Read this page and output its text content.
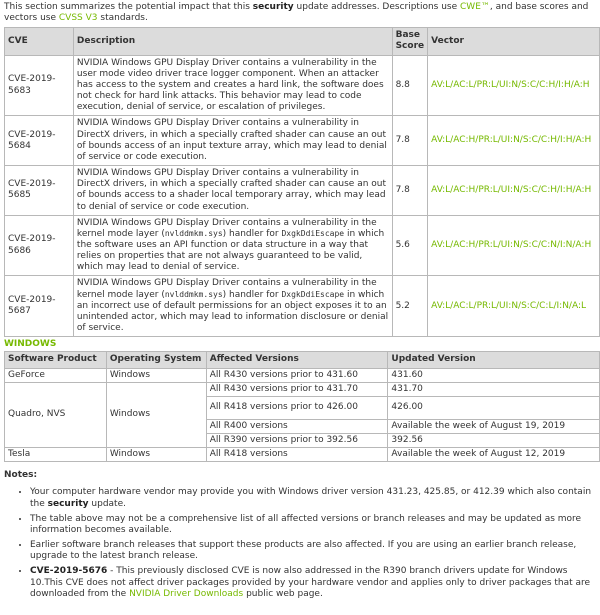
This section summarizes the potential impact that this security update addresses. Descriptions use CWE™, and base scores and vectors use CVSS V3 standards.

CVE	Description	Base Score	Vector
CVE-2019-5683	NVIDIA Windows GPU Display Driver contains a vulnerability in the user mode video driver trace logger component. When an attacker has access to the system and creates a hard link, the software does not check for hard link attacks. This behavior may lead to code execution, denial of service, or escalation of privileges.	8.8	AV:L/AC:L/PR:L/UI:N/S:C/C:H/I:H/A:H
CVE-2019-5684	NVIDIA Windows GPU Display Driver contains a vulnerability in DirectX drivers, in which a specially crafted shader can cause an out of bounds access of an input texture array, which may lead to denial of service or code execution.	7.8	AV:L/AC:H/PR:L/UI:N/S:C/C:H/I:H/A:H
CVE-2019-5685	NVIDIA Windows GPU Display Driver contains a vulnerability in DirectX drivers, in which a specially crafted shader can cause an out of bounds access to a shader local temporary array, which may lead to denial of service or code execution.	7.8	AV:L/AC:H/PR:L/UI:N/S:C/C:H/I:H/A:H
CVE-2019-5686	NVIDIA Windows GPU Display Driver contains a vulnerability in the kernel mode layer (nvlddmkm.sys) handler for DxgkDdiEscape in which the software uses an API function or data structure in a way that relies on properties that are not always guaranteed to be valid, which may lead to denial of service.	5.6	AV:L/AC:H/PR:L/UI:N/S:C/C:N/I:N/A:H
CVE-2019-5687	NVIDIA Windows GPU Display Driver contains a vulnerability in the kernel mode layer (nvlddmkm.sys) handler for DxgkDdiEscape in which an incorrect use of default permissions for an object exposes it to an unintended actor, which may lead to information disclosure or denial of service.	5.2	AV:L/AC:L/PR:L/UI:N/S:C/C:L/I:N/A:L
WINDOWS
Software Product	Operating System	Affected Versions	Updated Version
GeForce	Windows	All R430 versions prior to 431.60	431.60
Quadro, NVS	Windows	All R430 versions prior to 431.70	431.70
		All R418 versions prior to 426.00	426.00
		All R400 versions	Available the week of August 19, 2019
		All R390 versions prior to 392.56	392.56
Tesla	Windows	All R418 versions	Available the week of August 12, 2019
Notes:
• Your computer hardware vendor may provide you with Windows driver version 431.23, 425.85, or 412.39 which also contain the security update.
• The table above may not be a comprehensive list of all affected versions or branch releases and may be updated as more information becomes available.
• Earlier software branch releases that support these products are also affected. If you are using an earlier branch release, upgrade to the latest branch release.
• CVE-2019-5676 - This previously disclosed CVE is now also addressed in the R390 branch drivers update for Windows 10.This CVE does not affect driver packages provided by your hardware vendor and applies only to driver packages that are downloaded from the NVIDIA Driver Downloads public web page.
